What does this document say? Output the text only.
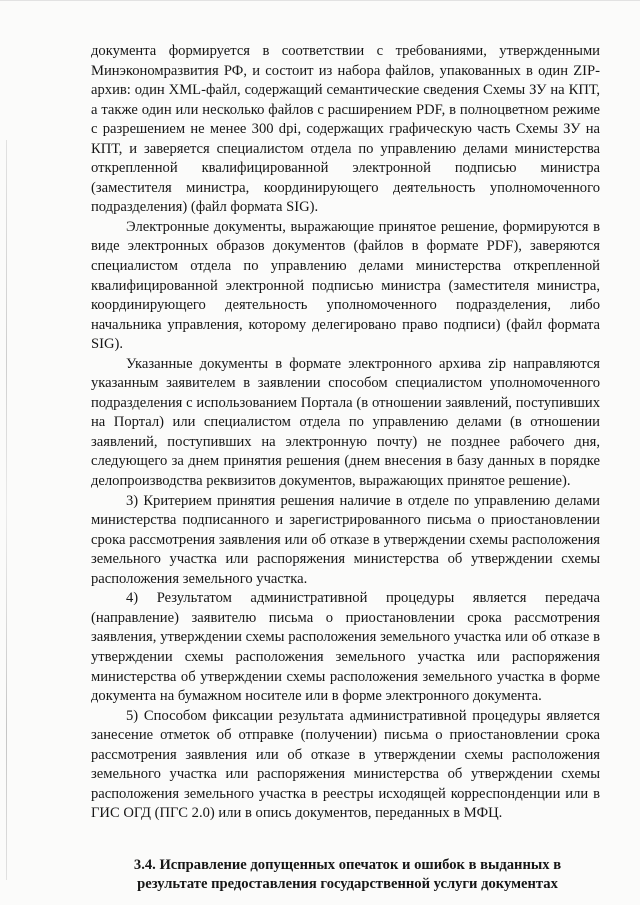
документа формируется в соответствии с требованиями, утвержденными Минэкономразвития РФ, и состоит из набора файлов, упакованных в один ZIP-архив: один XML-файл, содержащий семантические сведения Схемы ЗУ на КПТ, а также один или несколько файлов с расширением PDF, в полноцветном режиме с разрешением не менее 300 dpi, содержащих графическую часть Схемы ЗУ на КПТ, и заверяется специалистом отдела по управлению делами министерства открепленной квалифицированной электронной подписью министра (заместителя министра, координирующего деятельность уполномоченного подразделения) (файл формата SIG).

Электронные документы, выражающие принятое решение, формируются в виде электронных образов документов (файлов в формате PDF), заверяются специалистом отдела по управлению делами министерства открепленной квалифицированной электронной подписью министра (заместителя министра, координирующего деятельность уполномоченного подразделения, либо начальника управления, которому делегировано право подписи) (файл формата SIG).

Указанные документы в формате электронного архива zip направляются указанным заявителем в заявлении способом специалистом уполномоченного подразделения с использованием Портала (в отношении заявлений, поступивших на Портал) или специалистом отдела по управлению делами (в отношении заявлений, поступивших на электронную почту) не позднее рабочего дня, следующего за днем принятия решения (днем внесения в базу данных в порядке делопроизводства реквизитов документов, выражающих принятое решение).

3) Критерием принятия решения наличие в отделе по управлению делами министерства подписанного и зарегистрированного письма о приостановлении срока рассмотрения заявления или об отказе в утверждении схемы расположения земельного участка или распоряжения министерства об утверждении схемы расположения земельного участка.

4) Результатом административной процедуры является передача (направление) заявителю письма о приостановлении срока рассмотрения заявления, утверждении схемы расположения земельного участка или об отказе в утверждении схемы расположения земельного участка или распоряжения министерства об утверждении схемы расположения земельного участка в форме документа на бумажном носителе или в форме электронного документа.

5) Способом фиксации результата административной процедуры является занесение отметок об отправке (получении) письма о приостановлении срока рассмотрения заявления или об отказе в утверждении схемы расположения земельного участка или распоряжения министерства об утверждении схемы расположения земельного участка в реестры исходящей корреспонденции или в ГИС ОГД (ПГС 2.0) или в опись документов, переданных в МФЦ.

3.4. Исправление допущенных опечаток и ошибок в выданных в результате предоставления государственной услуги документах
